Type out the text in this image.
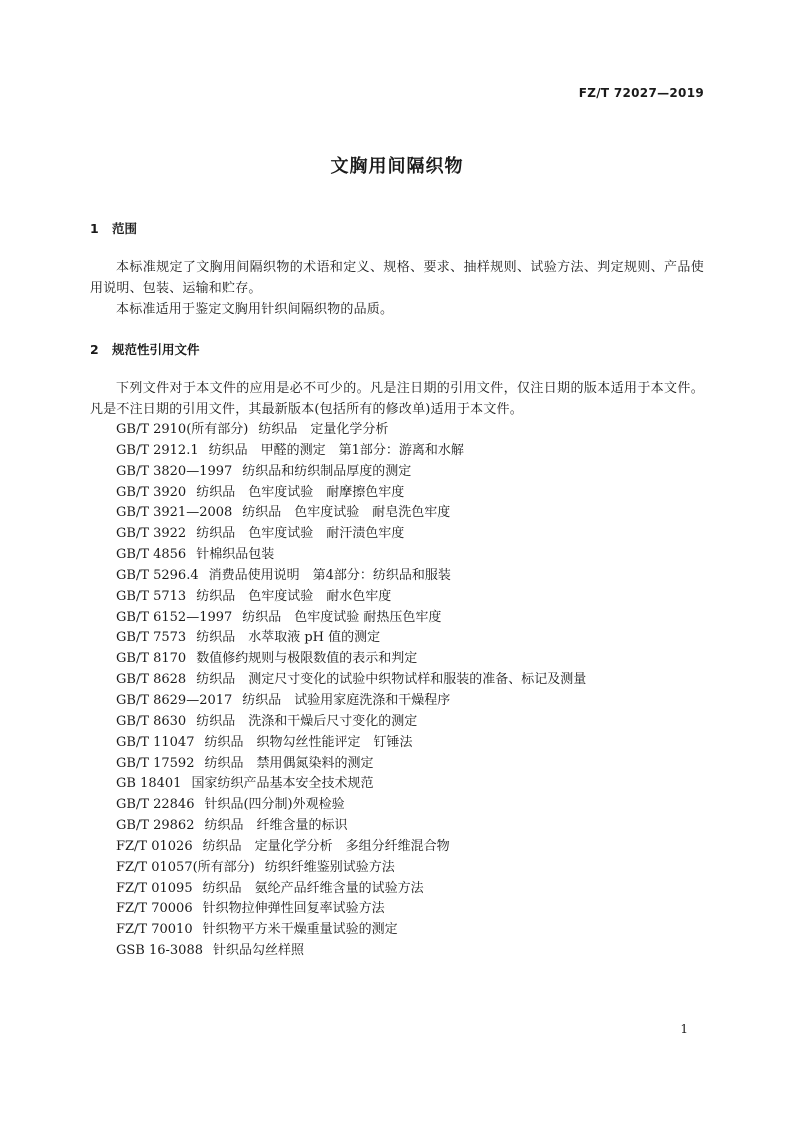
FZ/T 72027—2019
文胸用间隔织物
1	范围

本标准规定了文胸用间隔织物的术语和定义、规格、要求、抽样规则、试验方法、判定规则、产品使用说明、包装、运输和贮存。

本标准适用于鉴定文胸用针织间隔织物的品质。

2	规范性引用文件

下列文件对于本文件的应用是必不可少的。凡是注日期的引用文件，仅注日期的版本适用于本文件。凡是不注日期的引用文件，其最新版本(包括所有的修改单)适用于本文件。

GB/T 2910(所有部分) 纺织品　定量化学分析
GB/T 2912.1 纺织品　甲醛的测定　第1部分：游离和水解
GB/T 3820—1997 纺织品和纺织制品厚度的测定
GB/T 3920 纺织品　色牢度试验　耐摩擦色牢度
GB/T 3921—2008 纺织品　色牢度试验　耐皂洗色牢度
GB/T 3922 纺织品　色牢度试验　耐汗渍色牢度
GB/T 4856 针棉织品包装
GB/T 5296.4 消费品使用说明　第4部分：纺织品和服装
GB/T 5713 纺织品　色牢度试验　耐水色牢度
GB/T 6152—1997 纺织品　色牢度试验 耐热压色牢度
GB/T 7573 纺织品　水萃取液 pH 值的测定
GB/T 8170 数值修约规则与极限数值的表示和判定
GB/T 8628 纺织品　测定尺寸变化的试验中织物试样和服装的准备、标记及测量
GB/T 8629—2017 纺织品　试验用家庭洗涤和干燥程序
GB/T 8630 纺织品　洗涤和干燥后尺寸变化的测定
GB/T 11047 纺织品　织物勾丝性能评定　钉锤法
GB/T 17592 纺织品　禁用偶氮染料的测定
GB 18401 国家纺织产品基本安全技术规范
GB/T 22846 针织品(四分制)外观检验
GB/T 29862 纺织品　纤维含量的标识
FZ/T 01026 纺织品　定量化学分析　多组分纤维混合物
FZ/T 01057(所有部分) 纺织纤维鉴别试验方法
FZ/T 01095 纺织品　氨纶产品纤维含量的试验方法
FZ/T 70006 针织物拉伸弹性回复率试验方法
FZ/T 70010 针织物平方米干燥重量试验的测定
GSB 16-3088 针织品勾丝样照
1
